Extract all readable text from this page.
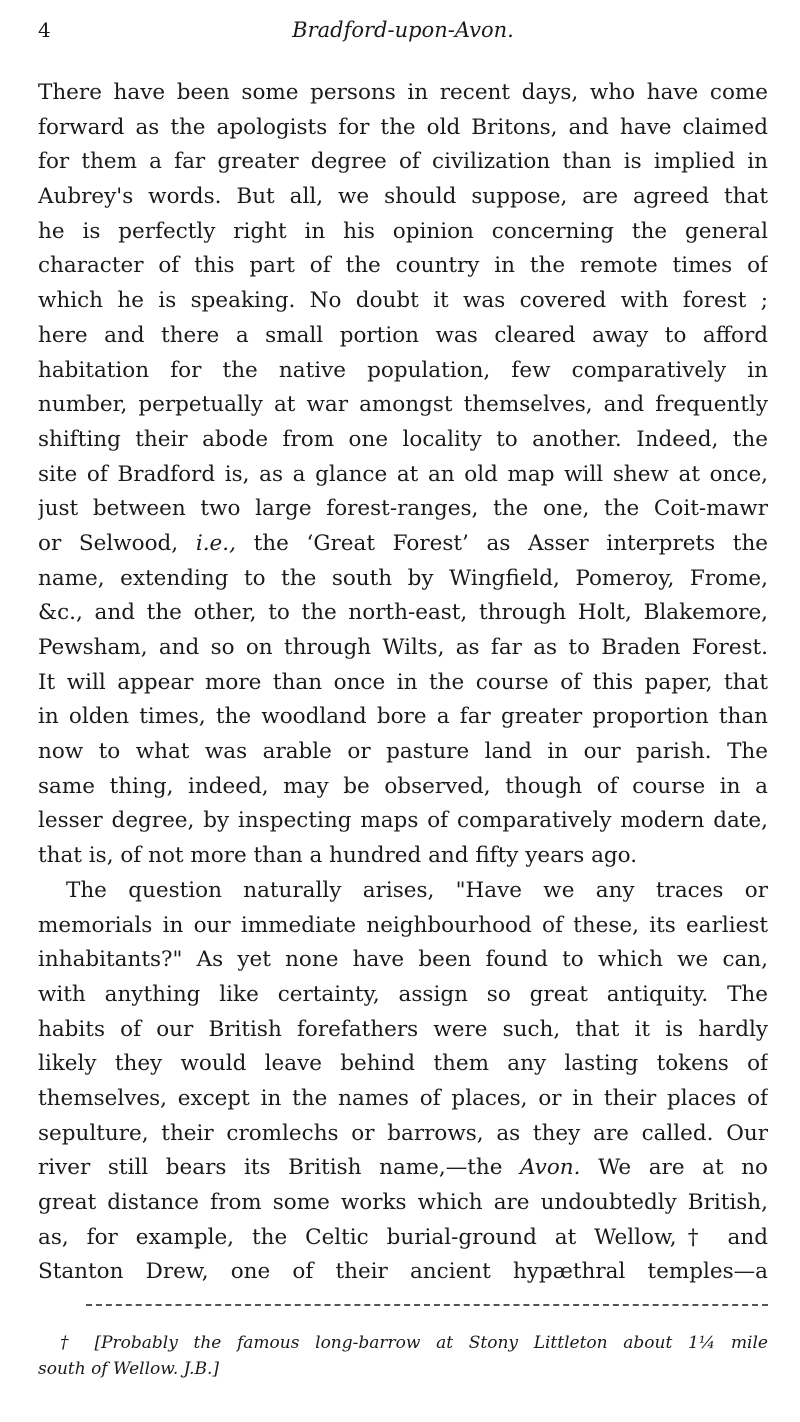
4	Bradford-upon-Avon.
There have been some persons in recent days, who have come
forward as the apologists for the old Britons, and have claimed
for them a far greater degree of civilization than is implied in
Aubrey's words. But all, we should suppose, are agreed that
he is perfectly right in his opinion concerning the general
character of this part of the country in the remote times of
which he is speaking. No doubt it was covered with forest ;
here and there a small portion was cleared away to afford
habitation for the native population, few comparatively in
number, perpetually at war amongst themselves, and frequently
shifting their abode from one locality to another. Indeed, the
site of Bradford is, as a glance at an old map will shew at once,
just between two large forest-ranges, the one, the Coit-mawr
or Selwood, i.e., the ‘Great Forest’ as Asser interprets the
name, extending to the south by Wingfield, Pomeroy, Frome,
&c., and the other, to the north-east, through Holt, Blakemore,
Pewsham, and so on through Wilts, as far as to Braden Forest.
It will appear more than once in the course of this paper, that
in olden times, the woodland bore a far greater proportion than
now to what was arable or pasture land in our parish. The
same thing, indeed, may be observed, though of course in a
lesser degree, by inspecting maps of comparatively modern date,
that is, of not more than a hundred and fifty years ago.
The question naturally arises, "Have we any traces or
memorials in our immediate neighbourhood of these, its earliest
inhabitants?" As yet none have been found to which we can,
with anything like certainty, assign so great antiquity. The
habits of our British forefathers were such, that it is hardly
likely they would leave behind them any lasting tokens of
themselves, except in the names of places, or in their places of
sepulture, their cromlechs or barrows, as they are called. Our
river still bears its British name,—the Avon. We are at no
great distance from some works which are undoubtedly British,
as, for example, the Celtic burial-ground at Wellow,† and
Stanton Drew, one of their ancient hypæthral temples—a
† [Probably the famous long-barrow at Stony Littleton about 1¼ mile
south of Wellow. J.B.]
